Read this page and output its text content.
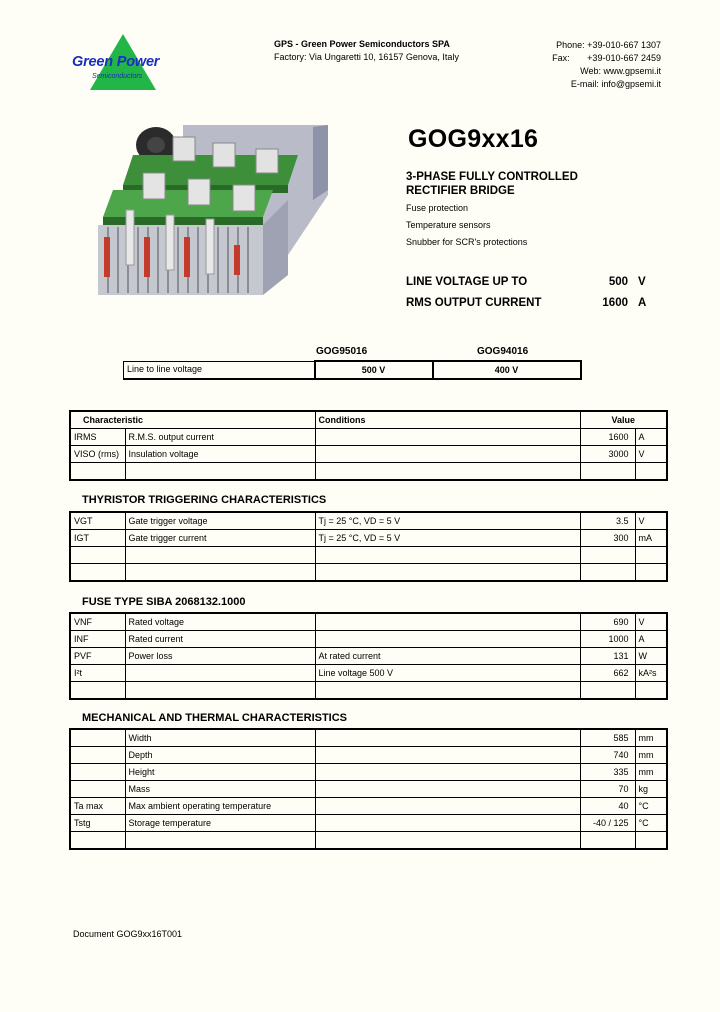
Green Power
Semiconductors
GPS - Green Power Semiconductors SPA
Factory: Via Ungaretti 10, 16157 Genova, Italy
Phone: +39-010-667 1307
Fax:       +39-010-667 2459
Web: www.gpsemi.it
E-mail: info@gpsemi.it
GOG9xx16
3-PHASE FULLY CONTROLLED
RECTIFIER BRIDGE
Fuse protection
Temperature sensors
Snubber for SCR's protections
LINE VOLTAGE UP TO	500 V
RMS OUTPUT CURRENT	1600 A
GOG95016	GOG94016
Line to line voltage	500 V	400 V
Characteristic		Conditions	Value	
IRMS	R.M.S. output current		1600	A
VISO (rms)	Insulation voltage		3000	V

THYRISTOR TRIGGERING CHARACTERISTICS
VGT	Gate trigger voltage	Tj = 25 °C, VD = 5 V	3.5	V
IGT	Gate trigger current	Tj = 25 °C, VD = 5 V	300	mA

FUSE TYPE SIBA 2068132.1000
VNF	Rated voltage		690	V
INF	Rated current		1000	A
PVF	Power loss	At rated current	131	W
I²t		Line voltage 500 V	662	kA²s

MECHANICAL AND THERMAL CHARACTERISTICS
	Width		585	mm
	Depth		740	mm
	Height		335	mm
	Mass		70	kg
Ta max	Max ambient operating temperature		40	°C
Tstg	Storage temperature		-40 / 125	°C

Document GOG9xx16T001
